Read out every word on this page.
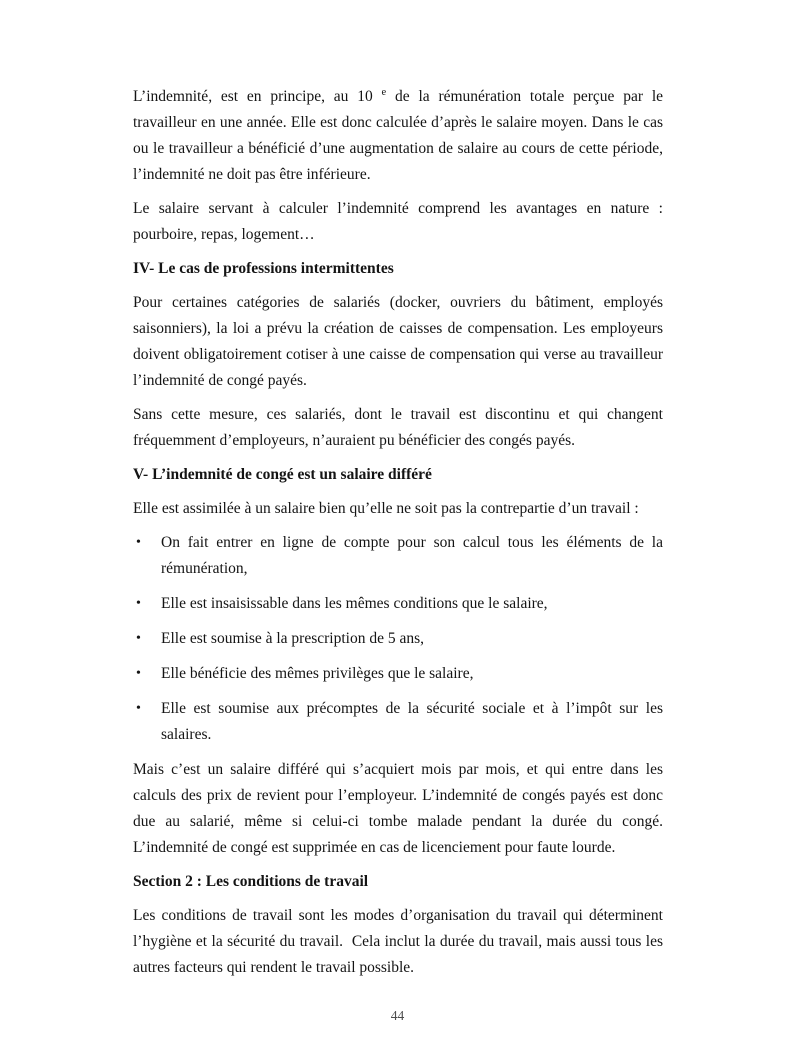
L’indemnité, est en principe, au 10 $^e$ de la rémunération totale perçue par le travailleur en une année. Elle est donc calculée d’après le salaire moyen. Dans le cas ou le travailleur a bénéficié d’une augmentation de salaire au cours de cette période, l’indemnité ne doit pas être inférieure.

Le salaire servant à calculer l’indemnité comprend les avantages en nature : pourboire, repas, logement…

IV- Le cas de professions intermittentes

Pour certaines catégories de salariés (docker, ouvriers du bâtiment, employés saisonniers), la loi a prévu la création de caisses de compensation. Les employeurs doivent obligatoirement cotiser à une caisse de compensation qui verse au travailleur l’indemnité de congé payés.

Sans cette mesure, ces salariés, dont le travail est discontinu et qui changent fréquemment d’employeurs, n’auraient pu bénéficier des congés payés.

V- L’indemnité de congé est un salaire différé

Elle est assimilée à un salaire bien qu’elle ne soit pas la contrepartie d’un travail :

• On fait entrer en ligne de compte pour son calcul tous les éléments de la rémunération,
• Elle est insaisissable dans les mêmes conditions que le salaire,
• Elle est soumise à la prescription de 5 ans,
• Elle bénéficie des mêmes privilèges que le salaire,
• Elle est soumise aux précomptes de la sécurité sociale et à l’impôt sur les salaires.

Mais c’est un salaire différé qui s’acquiert mois par mois, et qui entre dans les calculs des prix de revient pour l’employeur. L’indemnité de congés payés est donc due au salarié, même si celui-ci tombe malade pendant la durée du congé. L’indemnité de congé est supprimée en cas de licenciement pour faute lourde.

Section 2 : Les conditions de travail

Les conditions de travail sont les modes d’organisation du travail qui déterminent l’hygiène et la sécurité du travail.  Cela inclut la durée du travail, mais aussi tous les autres facteurs qui rendent le travail possible.

44
